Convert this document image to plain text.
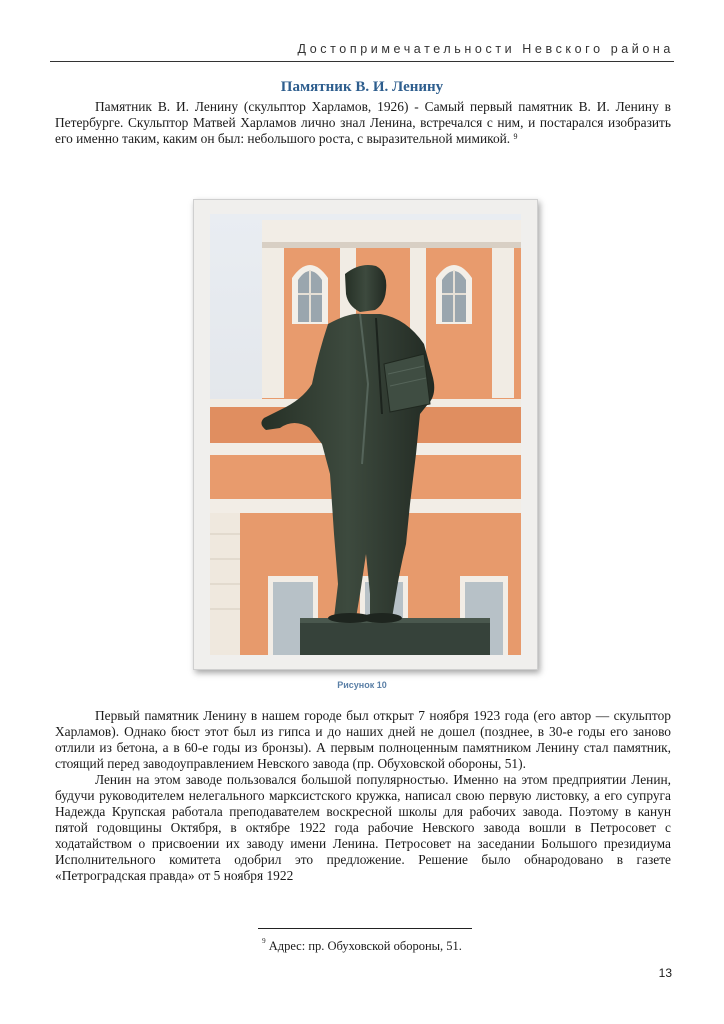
Достопримечательности Невского района
Памятник В. И. Ленину

Памятник В. И. Ленину (скульптор Харламов, 1926) - Самый первый памятник В. И. Ленину в Петербурге. Скульптор Матвей Харламов лично знал Ленина, встречался с ним, и постарался изобразить его именно таким, каким он был: небольшого роста, с выразительной мимикой. $^9$

Рисунок 10

Первый памятник Ленину в нашем городе был открыт 7 ноября 1923 года (его автор — скульптор Харламов). Однако бюст этот был из гипса и до наших дней не дошел (позднее, в 30-е годы его заново отлили из бетона, а в 60-е годы из бронзы). А первым полноценным памятником Ленину стал памятник, стоящий перед заводоуправлением Невского завода (пр. Обуховской обороны, 51).

Ленин на этом заводе пользовался большой популярностью. Именно на этом предприятии Ленин, будучи руководителем нелегального марксистского кружка, написал свою первую листовку, а его супруга Надежда Крупская работала преподавателем воскресной школы для рабочих завода. Поэтому в канун пятой годовщины Октября, в октябре 1922 года рабочие Невского завода вошли в Петросовет с ходатайством о присвоении их заводу имени Ленина. Петросовет на заседании Большого президиума Исполнительного комитета одобрил это предложение. Решение было обнародовано в газете «Петроградская правда» от 5 ноября 1922

$^9$ Адрес: пр. Обуховской обороны, 51.
13
